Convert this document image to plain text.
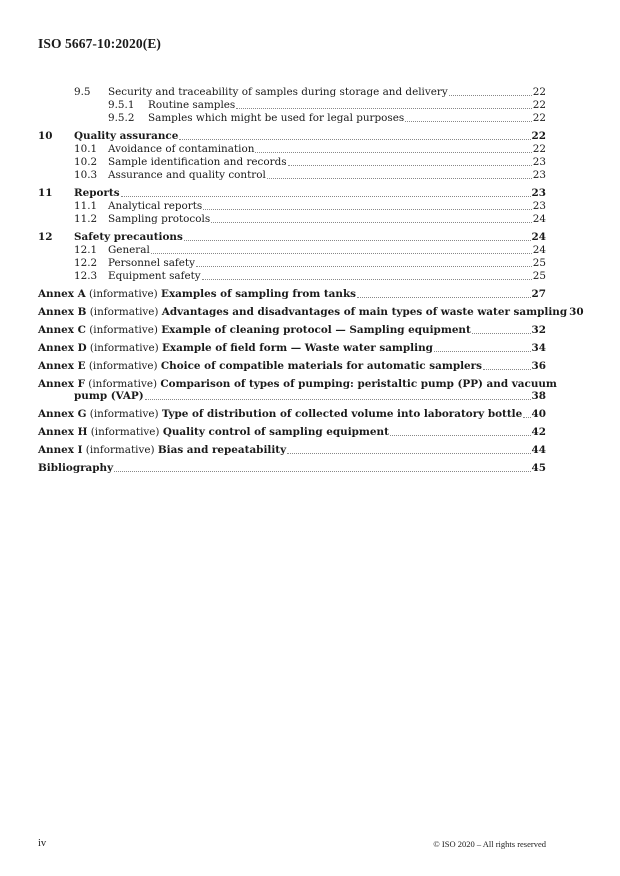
ISO 5667-10:2020(E)
9.5	Security and traceability of samples during storage and delivery	22
9.5.1	Routine samples	22
9.5.2	Samples which might be used for legal purposes	22
10	Quality assurance	22
10.1	Avoidance of contamination	22
10.2	Sample identification and records	23
10.3	Assurance and quality control	23
11	Reports	23
11.1	Analytical reports	23
11.2	Sampling protocols	24
12	Safety precautions	24
12.1	General	24
12.2	Personnel safety	25
12.3	Equipment safety	25
Annex A (informative) Examples of sampling from tanks	27
Annex B (informative) Advantages and disadvantages of main types of waste water sampling 30
Annex C (informative) Example of cleaning protocol — Sampling equipment	32
Annex D (informative) Example of field form — Waste water sampling	34
Annex E (informative) Choice of compatible materials for automatic samplers	36
Annex F (informative) Comparison of types of pumping: peristaltic pump (PP) and vacuum
pump (VAP)	38
Annex G (informative) Type of distribution of collected volume into laboratory bottle 40
Annex H (informative) Quality control of sampling equipment	42
Annex I (informative) Bias and repeatability	44
Bibliography	45
iv	© ISO 2020 – All rights reserved
